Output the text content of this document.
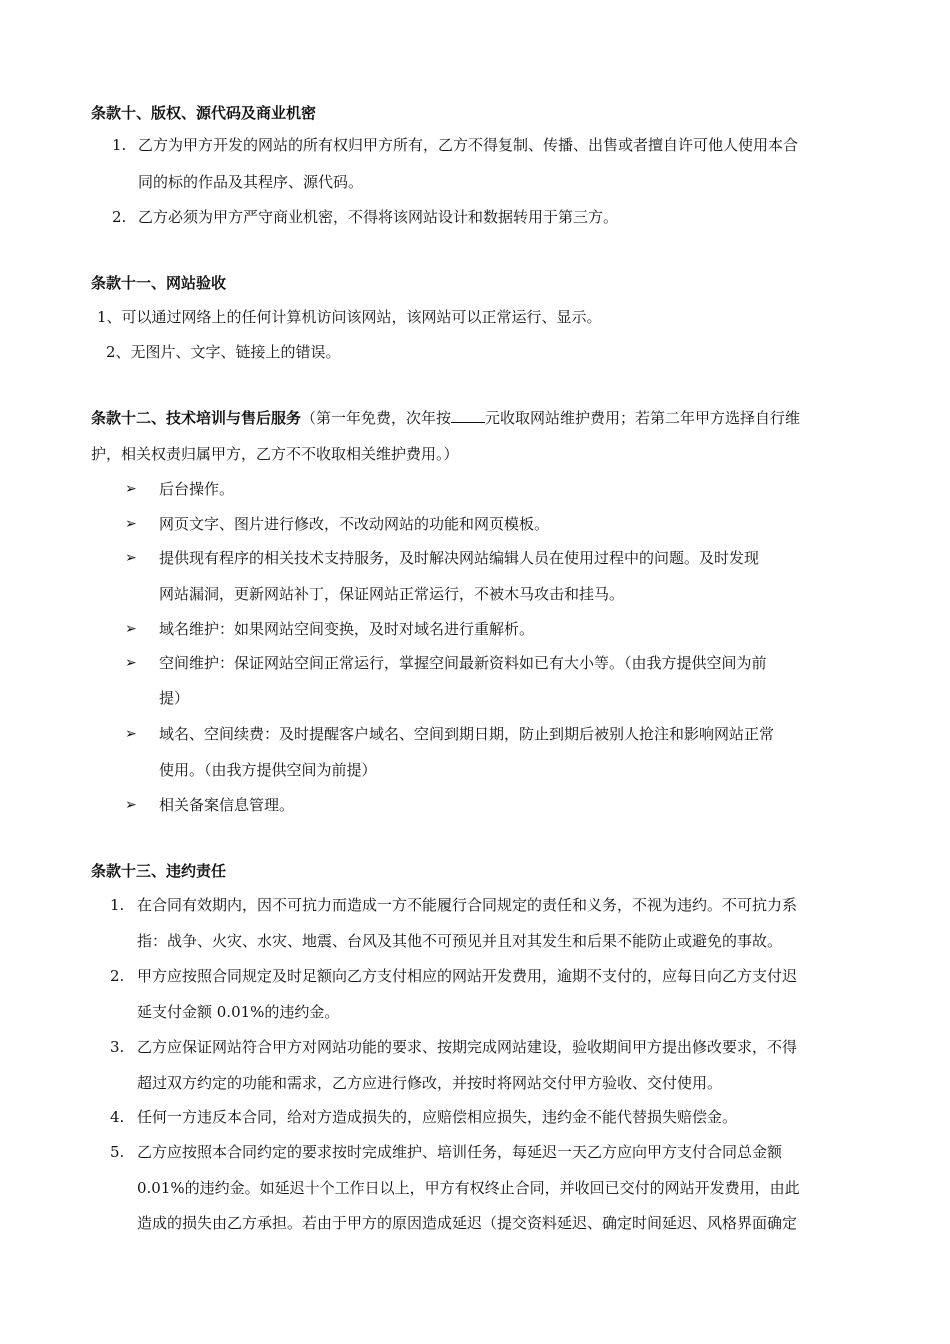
条款十、版权、源代码及商业机密
1. 乙方为甲方开发的网站的所有权归甲方所有，乙方不得复制、传播、出售或者擅自许可他人使用本合
同的标的作品及其程序、源代码。
2. 乙方必须为甲方严守商业机密，不得将该网站设计和数据转用于第三方。
条款十一、网站验收
1、可以通过网络上的任何计算机访问该网站，该网站可以正常运行、显示。
2、无图片、文字、链接上的错误。
条款十二、技术培训与售后服务（第一年免费，次年按 元收取网站维护费用；若第二年甲方选择自行维
护，相关权责归属甲方，乙方不不收取相关维护费用。）
➢ 后台操作。
➢ 网页文字、图片进行修改，不改动网站的功能和网页模板。
➢ 提供现有程序的相关技术支持服务，及时解决网站编辑人员在使用过程中的问题。及时发现
网站漏洞，更新网站补丁，保证网站正常运行，不被木马攻击和挂马。
➢ 域名维护：如果网站空间变换，及时对域名进行重解析。
➢ 空间维护：保证网站空间正常运行，掌握空间最新资料如已有大小等。（由我方提供空间为前
提）
➢ 域名、空间续费：及时提醒客户域名、空间到期日期，防止到期后被别人抢注和影响网站正常
使用。（由我方提供空间为前提）
➢ 相关备案信息管理。
条款十三、违约责任
1. 在合同有效期内，因不可抗力而造成一方不能履行合同规定的责任和义务，不视为违约。不可抗力系
指：战争、火灾、水灾、地震、台风及其他不可预见并且对其发生和后果不能防止或避免的事故。
2. 甲方应按照合同规定及时足额向乙方支付相应的网站开发费用，逾期不支付的，应每日向乙方支付迟
延支付金额 0.01%的违约金。
3. 乙方应保证网站符合甲方对网站功能的要求、按期完成网站建设，验收期间甲方提出修改要求，不得
超过双方约定的功能和需求，乙方应进行修改，并按时将网站交付甲方验收、交付使用。
4. 任何一方违反本合同，给对方造成损失的，应赔偿相应损失，违约金不能代替损失赔偿金。
5. 乙方应按照本合同约定的要求按时完成维护、培训任务，每延迟一天乙方应向甲方支付合同总金额
0.01%的违约金。如延迟十个工作日以上，甲方有权终止合同，并收回已交付的网站开发费用，由此
造成的损失由乙方承担。若由于甲方的原因造成延迟（提交资料延迟、确定时间延迟、风格界面确定
